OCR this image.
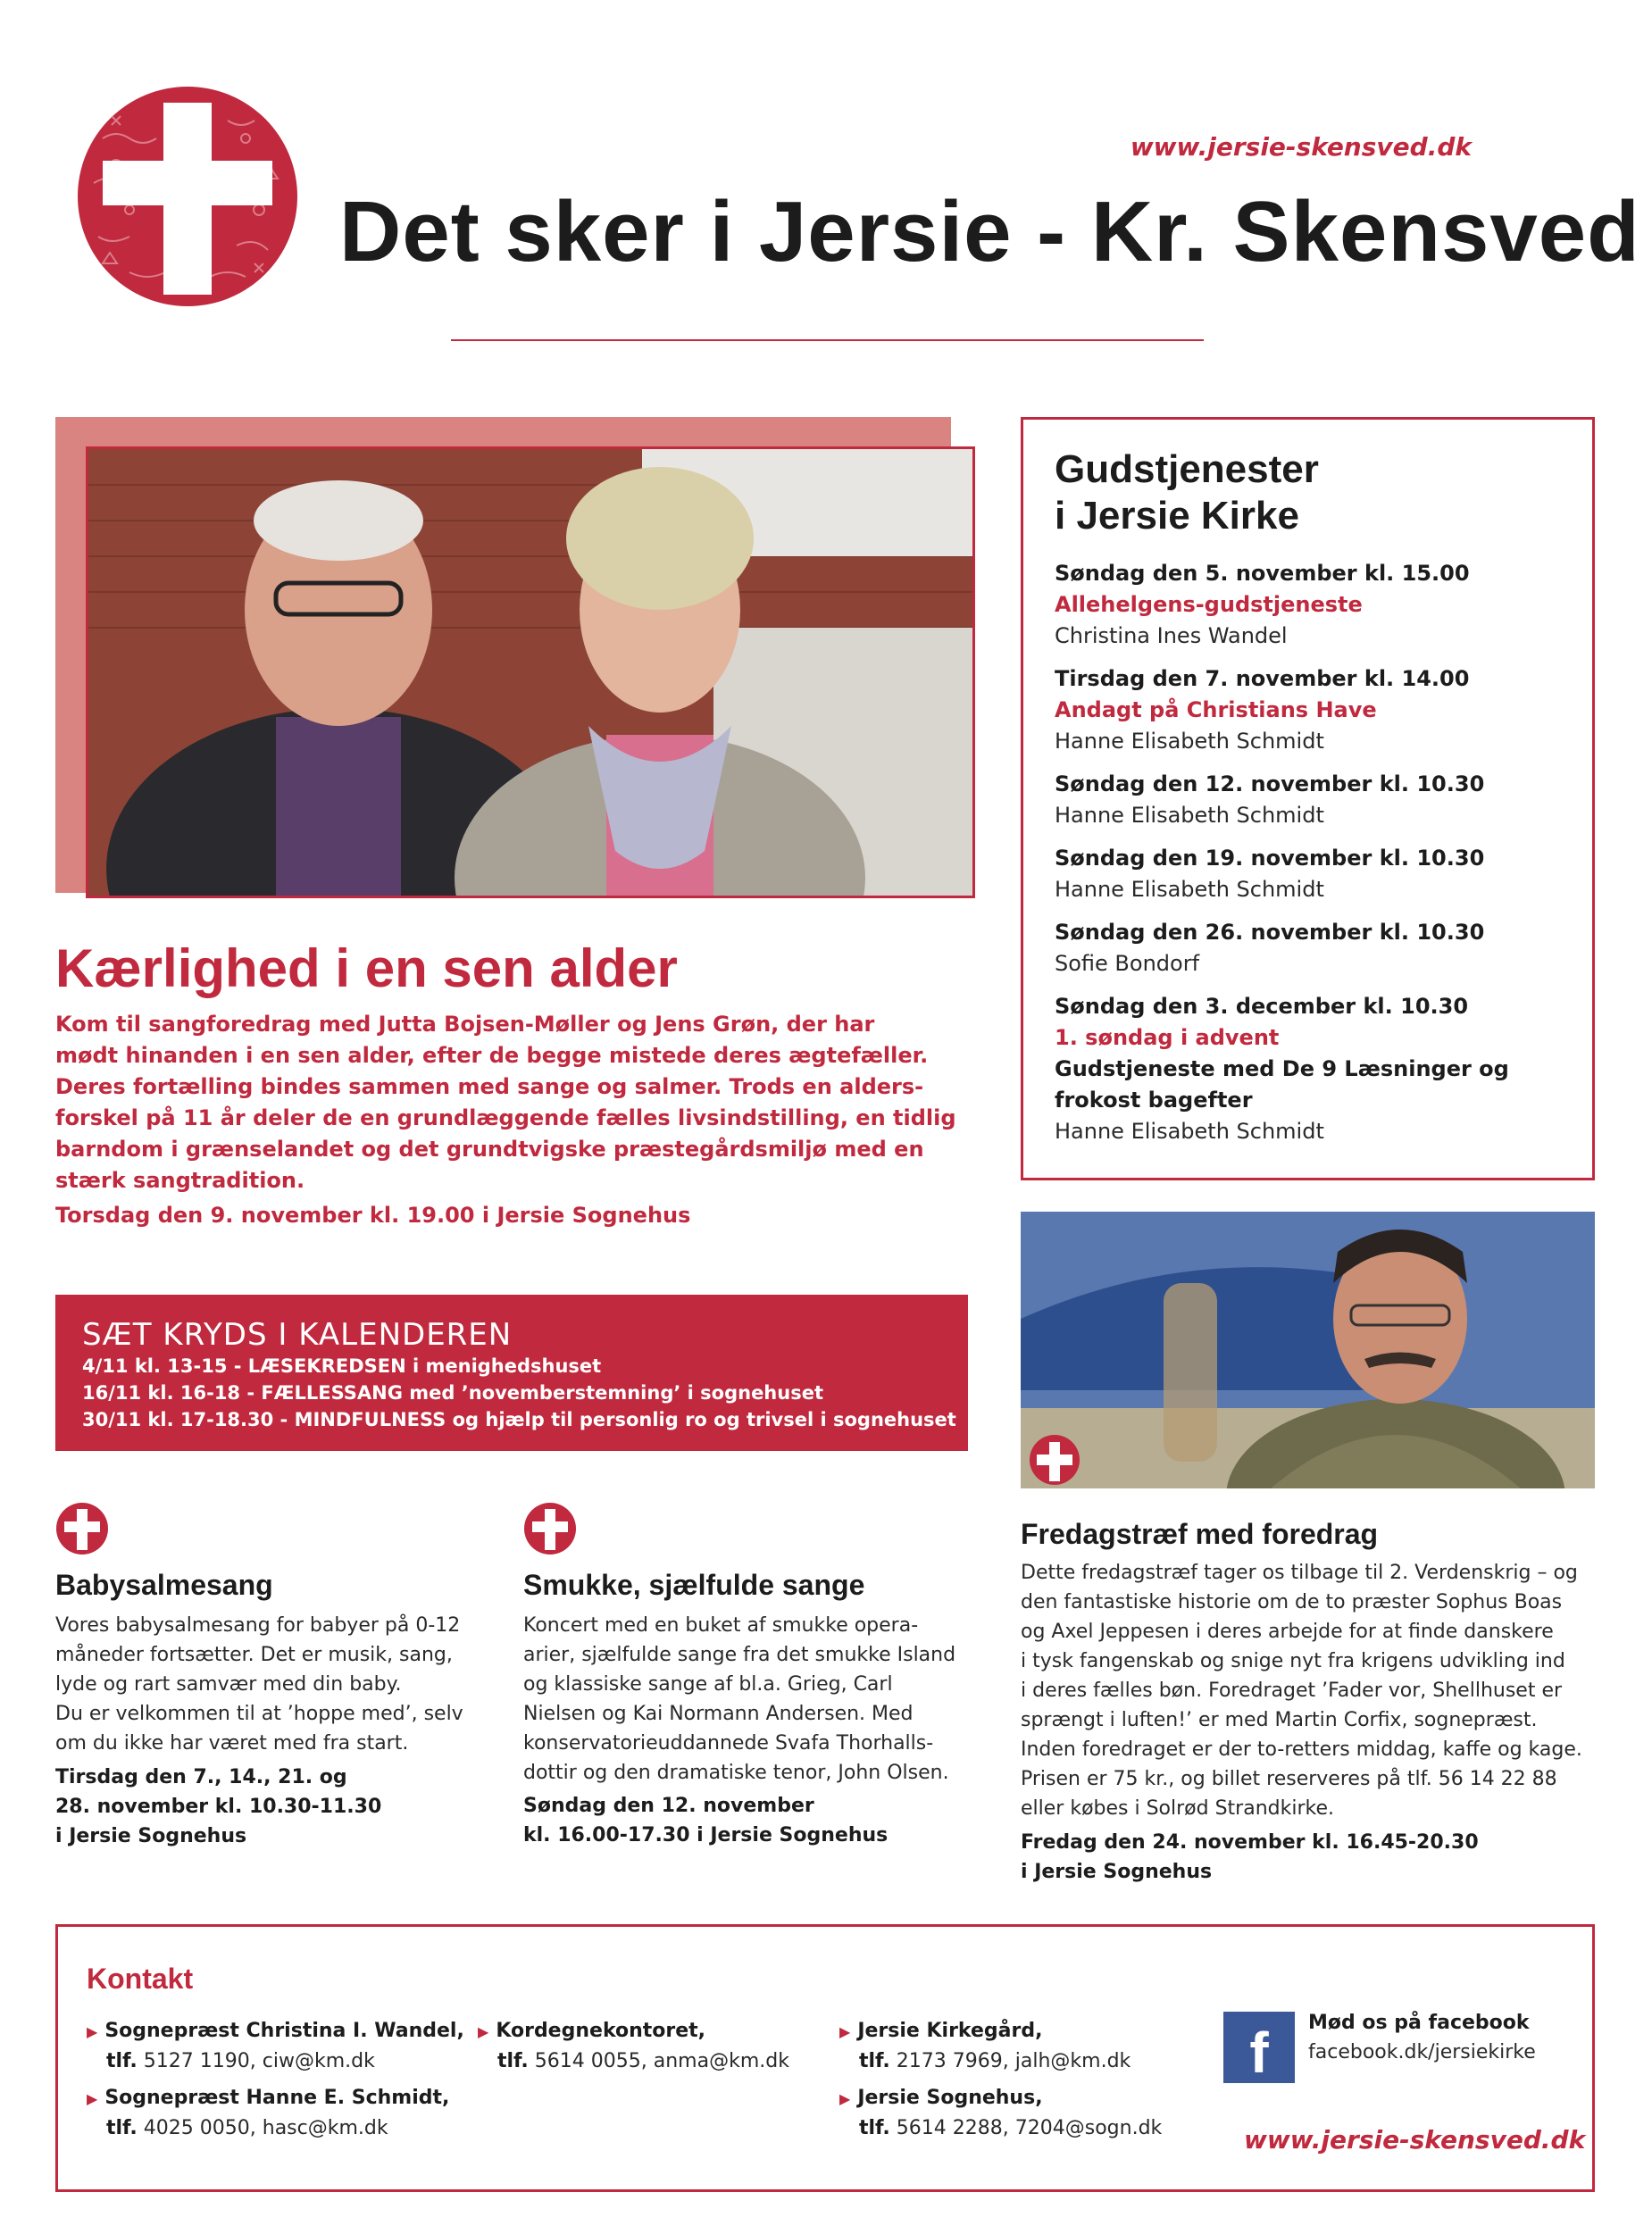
www.jersie-skensved.dk
Det sker i Jersie - Kr. Skensved
Kærlighed i en sen alder
Kom til sangforedrag med Jutta Bojsen-Møller og Jens Grøn, der har
mødt hinanden i en sen alder, efter de begge mistede deres ægtefæller.
Deres fortælling bindes sammen med sange og salmer. Trods en alders-
forskel på 11 år deler de en grundlæggende fælles livsindstilling, en tidlig
barndom i grænselandet og det grundtvigske præstegårdsmiljø med en
stærk sangtradition.
Torsdag den 9. november kl. 19.00 i Jersie Sognehus
SÆT KRYDS I KALENDEREN
4/11 kl. 13-15 - LÆSEKREDSEN i menighedshuset
16/11 kl. 16-18 - FÆLLESSANG med ’novemberstemning’ i sognehuset
30/11 kl. 17-18.30 - MINDFULNESS og hjælp til personlig ro og trivsel i sognehuset
Gudstjenester
i Jersie Kirke
Søndag den 5. november kl. 15.00
Allehelgens-gudstjeneste
Christina Ines Wandel
Tirsdag den 7. november kl. 14.00
Andagt på Christians Have
Hanne Elisabeth Schmidt
Søndag den 12. november kl. 10.30
Hanne Elisabeth Schmidt
Søndag den 19. november kl. 10.30
Hanne Elisabeth Schmidt
Søndag den 26. november kl. 10.30
Sofie Bondorf
Søndag den 3. december kl. 10.30
1. søndag i advent
Gudstjeneste med De 9 Læsninger og
frokost bagefter
Hanne Elisabeth Schmidt
Babysalmesang
Vores babysalmesang for babyer på 0-12
måneder fortsætter. Det er musik, sang,
lyde og rart samvær med din baby.
Du er velkommen til at ’hoppe med’, selv
om du ikke har været med fra start.
Tirsdag den 7., 14., 21. og
28. november kl. 10.30-11.30
i Jersie Sognehus
Smukke, sjælfulde sange
Koncert med en buket af smukke opera-
arier, sjælfulde sange fra det smukke Island
og klassiske sange af bl.a. Grieg, Carl
Nielsen og Kai Normann Andersen. Med
konservatorieuddannede Svafa Thorhalls-
dottir og den dramatiske tenor, John Olsen.
Søndag den 12. november
kl. 16.00-17.30 i Jersie Sognehus
Fredagstræf med foredrag
Dette fredagstræf tager os tilbage til 2. Verdenskrig – og
den fantastiske historie om de to præster Sophus Boas
og Axel Jeppesen i deres arbejde for at finde danskere
i tysk fangenskab og snige nyt fra krigens udvikling ind
i deres fælles bøn. Foredraget ’Fader vor, Shellhuset er
sprængt i luften!’ er med Martin Corfix, sognepræst.
Inden foredraget er der to-retters middag, kaffe og kage.
Prisen er 75 kr., og billet reserveres på tlf. 56 14 22 88
eller købes i Solrød Strandkirke.
Fredag den 24. november kl. 16.45-20.30
i Jersie Sognehus
Kontakt
▶ Sognepræst Christina I. Wandel,
tlf. 5127 1190, ciw@km.dk
▶ Sognepræst Hanne E. Schmidt,
tlf. 4025 0050, hasc@km.dk
▶ Kordegnekontoret,
tlf. 5614 0055, anma@km.dk
▶ Jersie Kirkegård,
tlf. 2173 7969, jalh@km.dk
▶ Jersie Sognehus,
tlf. 5614 2288, 7204@sogn.dk
f	Mød os på facebook
facebook.dk/jersiekirke
www.jersie-skensved.dk
